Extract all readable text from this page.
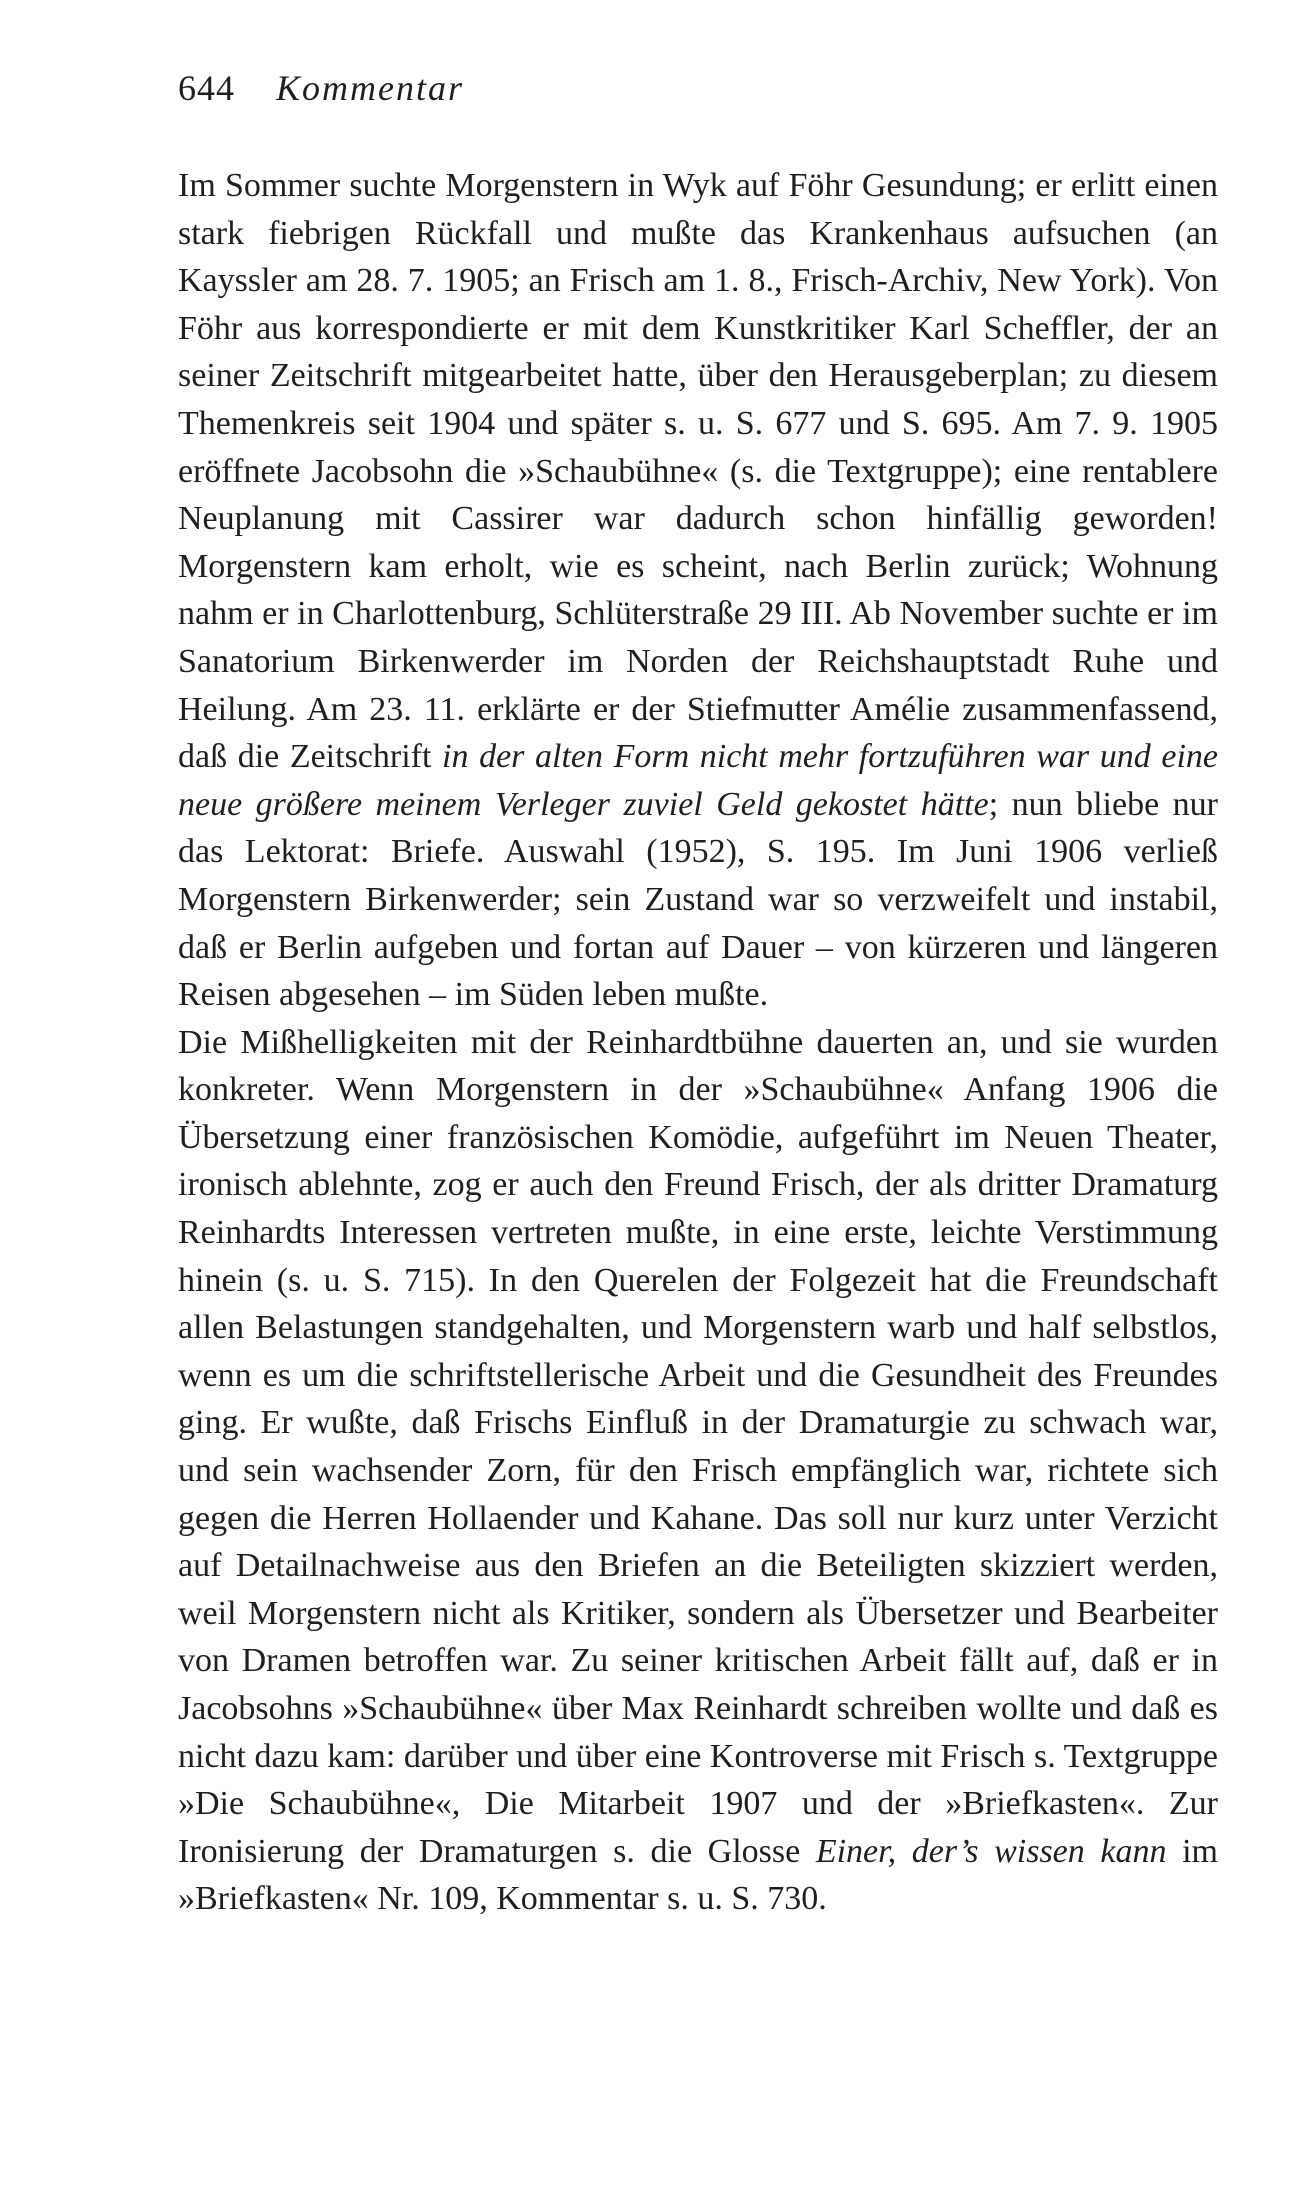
644 Kommentar

Im Sommer suchte Morgenstern in Wyk auf Föhr Gesundung; er erlitt einen stark fiebrigen Rückfall und mußte das Krankenhaus aufsuchen (an Kayssler am 28. 7. 1905; an Frisch am 1. 8., Frisch-Archiv, New York). Von Föhr aus korrespondierte er mit dem Kunstkritiker Karl Scheffler, der an seiner Zeitschrift mitgearbeitet hatte, über den Herausgeberplan; zu diesem Themenkreis seit 1904 und später s. u. S. 677 und S. 695. Am 7. 9. 1905 eröffnete Jacobsohn die »Schaubühne« (s. die Textgruppe); eine rentablere Neuplanung mit Cassirer war dadurch schon hinfällig geworden! Morgenstern kam erholt, wie es scheint, nach Berlin zurück; Wohnung nahm er in Charlottenburg, Schlüterstraße 29 III. Ab November suchte er im Sanatorium Birkenwerder im Norden der Reichshauptstadt Ruhe und Heilung. Am 23. 11. erklärte er der Stiefmutter Amélie zusammenfassend, daß die Zeitschrift in der alten Form nicht mehr fortzuführen war und eine neue größere meinem Verleger zuviel Geld gekostet hätte; nun bliebe nur das Lektorat: Briefe. Auswahl (1952), S. 195. Im Juni 1906 verließ Morgenstern Birkenwerder; sein Zustand war so verzweifelt und instabil, daß er Berlin aufgeben und fortan auf Dauer – von kürzeren und längeren Reisen abgesehen – im Süden leben mußte.

Die Mißhelligkeiten mit der Reinhardtbühne dauerten an, und sie wurden konkreter. Wenn Morgenstern in der »Schaubühne« Anfang 1906 die Übersetzung einer französischen Komödie, aufgeführt im Neuen Theater, ironisch ablehnte, zog er auch den Freund Frisch, der als dritter Dramaturg Reinhardts Interessen vertreten mußte, in eine erste, leichte Verstimmung hinein (s. u. S. 715). In den Querelen der Folgezeit hat die Freundschaft allen Belastungen standgehalten, und Morgenstern warb und half selbstlos, wenn es um die schriftstellerische Arbeit und die Gesundheit des Freundes ging. Er wußte, daß Frischs Einfluß in der Dramaturgie zu schwach war, und sein wachsender Zorn, für den Frisch empfänglich war, richtete sich gegen die Herren Hollaender und Kahane. Das soll nur kurz unter Verzicht auf Detailnachweise aus den Briefen an die Beteiligten skizziert werden, weil Morgenstern nicht als Kritiker, sondern als Übersetzer und Bearbeiter von Dramen betroffen war. Zu seiner kritischen Arbeit fällt auf, daß er in Jacobsohns »Schaubühne« über Max Reinhardt schreiben wollte und daß es nicht dazu kam: darüber und über eine Kontroverse mit Frisch s. Textgruppe »Die Schaubühne«, Die Mitarbeit 1907 und der »Briefkasten«. Zur Ironisierung der Dramaturgen s. die Glosse Einer, der’s wissen kann im »Briefkasten« Nr. 109, Kommentar s. u. S. 730.
